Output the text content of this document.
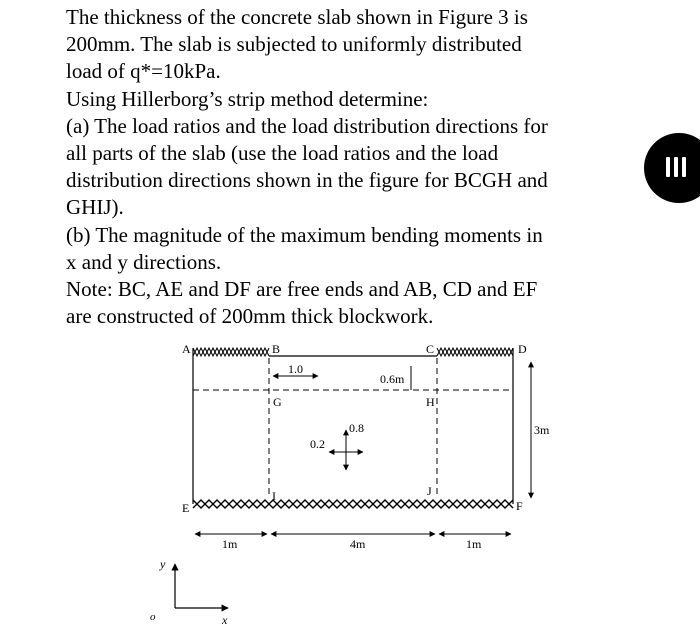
The thickness of the concrete slab shown in Figure 3 is

200mm. The slab is subjected to uniformly distributed

load of q*=10kPa.

Using Hillerborg’s strip method determine:

(a) The load ratios and the load distribution directions for

all parts of the slab (use the load ratios and the load

distribution directions shown in the figure for BCGH and

GHIJ).

(b) The magnitude of the maximum bending moments in

x and y directions.

Note: BC, AE and DF are free ends and AB, CD and EF

are constructed of 200mm thick blockwork.

A	B	C	D
E	F
G	H
I	J
1.0
0.6m
0.8
0.2
3m
1m	4m	1m
y
x
o
